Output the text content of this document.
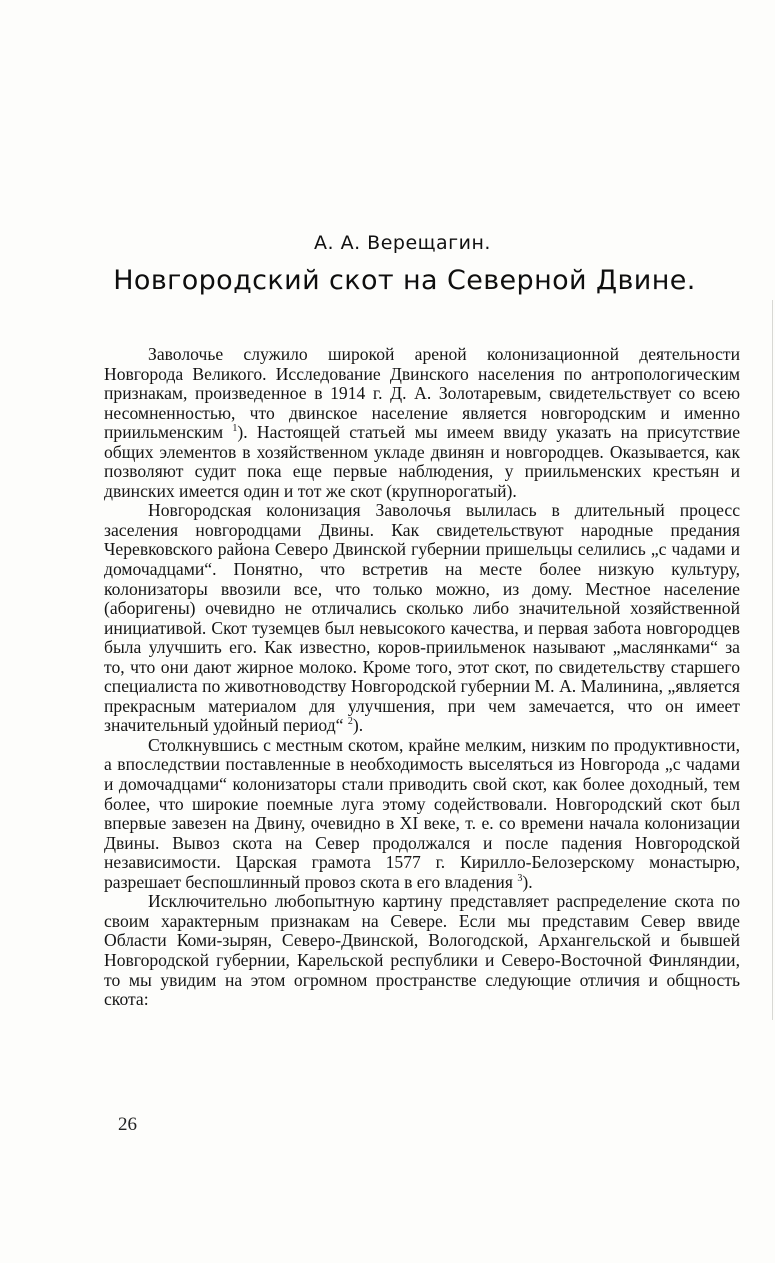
А. А. Верещагин.
Новгородский скот на Северной Двине.

Заволочье служило широкой ареной колонизационной деятельности Новгорода Великого. Исследование Двинского населения по антропологическим признакам, произведенное в 1914 г. Д. А. Золотаревым, свидетельствует со всею несомненностью, что двинское население является новгородским и именно приильменским $^1$). Настоящей статьей мы имеем ввиду указать на присутствие общих элементов в хозяйственном укладе двинян и новгородцев. Оказывается, как позволяют судит пока еще первые наблюдения, у приильменских крестьян и двинских имеется один и тот же скот (крупнорогатый).

Новгородская колонизация Заволочья вылилась в длительный процесс заселения новгородцами Двины. Как свидетельствуют народные предания Черевковского района Северо Двинской губернии пришельцы селились „с чадами и домочадцами“. Понятно, что встретив на месте более низкую культуру, колонизаторы ввозили все, что только можно, из дому. Местное население (аборигены) очевидно не отличались сколько либо значительной хозяйственной инициативой. Скот туземцев был невысокого качества, и первая забота новгородцев была улучшить его. Как известно, коров-приильменок называют „маслянками“ за то, что они дают жирное молоко. Кроме того, этот скот, по свидетельству старшего специалиста по животноводству Новгородской губернии М. А. Малинина, „является прекрасным материалом для улучшения, при чем замечается, что он имеет значительный удойный период“ $^2$).

Столкнувшись с местным скотом, крайне мелким, низким по продуктивности, а впоследствии поставленные в необходимость выселяться из Новгорода „с чадами и домочадцами“ колонизаторы стали приводить свой скот, как более доходный, тем более, что широкие поемные луга этому содействовали. Новгородский скот был впервые завезен на Двину, очевидно в XI веке, т. е. со времени начала колонизации Двины. Вывоз скота на Север продолжался и после падения Новгородской независимости. Царская грамота 1577 г. Кирилло-Белозерскому монастырю, разрешает беспошлинный провоз скота в его владения $^3$).

Исключительно любопытную картину представляет распределение скота по своим характерным признакам на Севере. Если мы представим Север ввиде Области Коми-зырян, Северо-Двинской, Вологодской, Архангельской и бывшей Новгородской губернии, Карельской республики и Северо-Восточной Финляндии, то мы увидим на этом огромном пространстве следующие отличия и общность скота:

26
